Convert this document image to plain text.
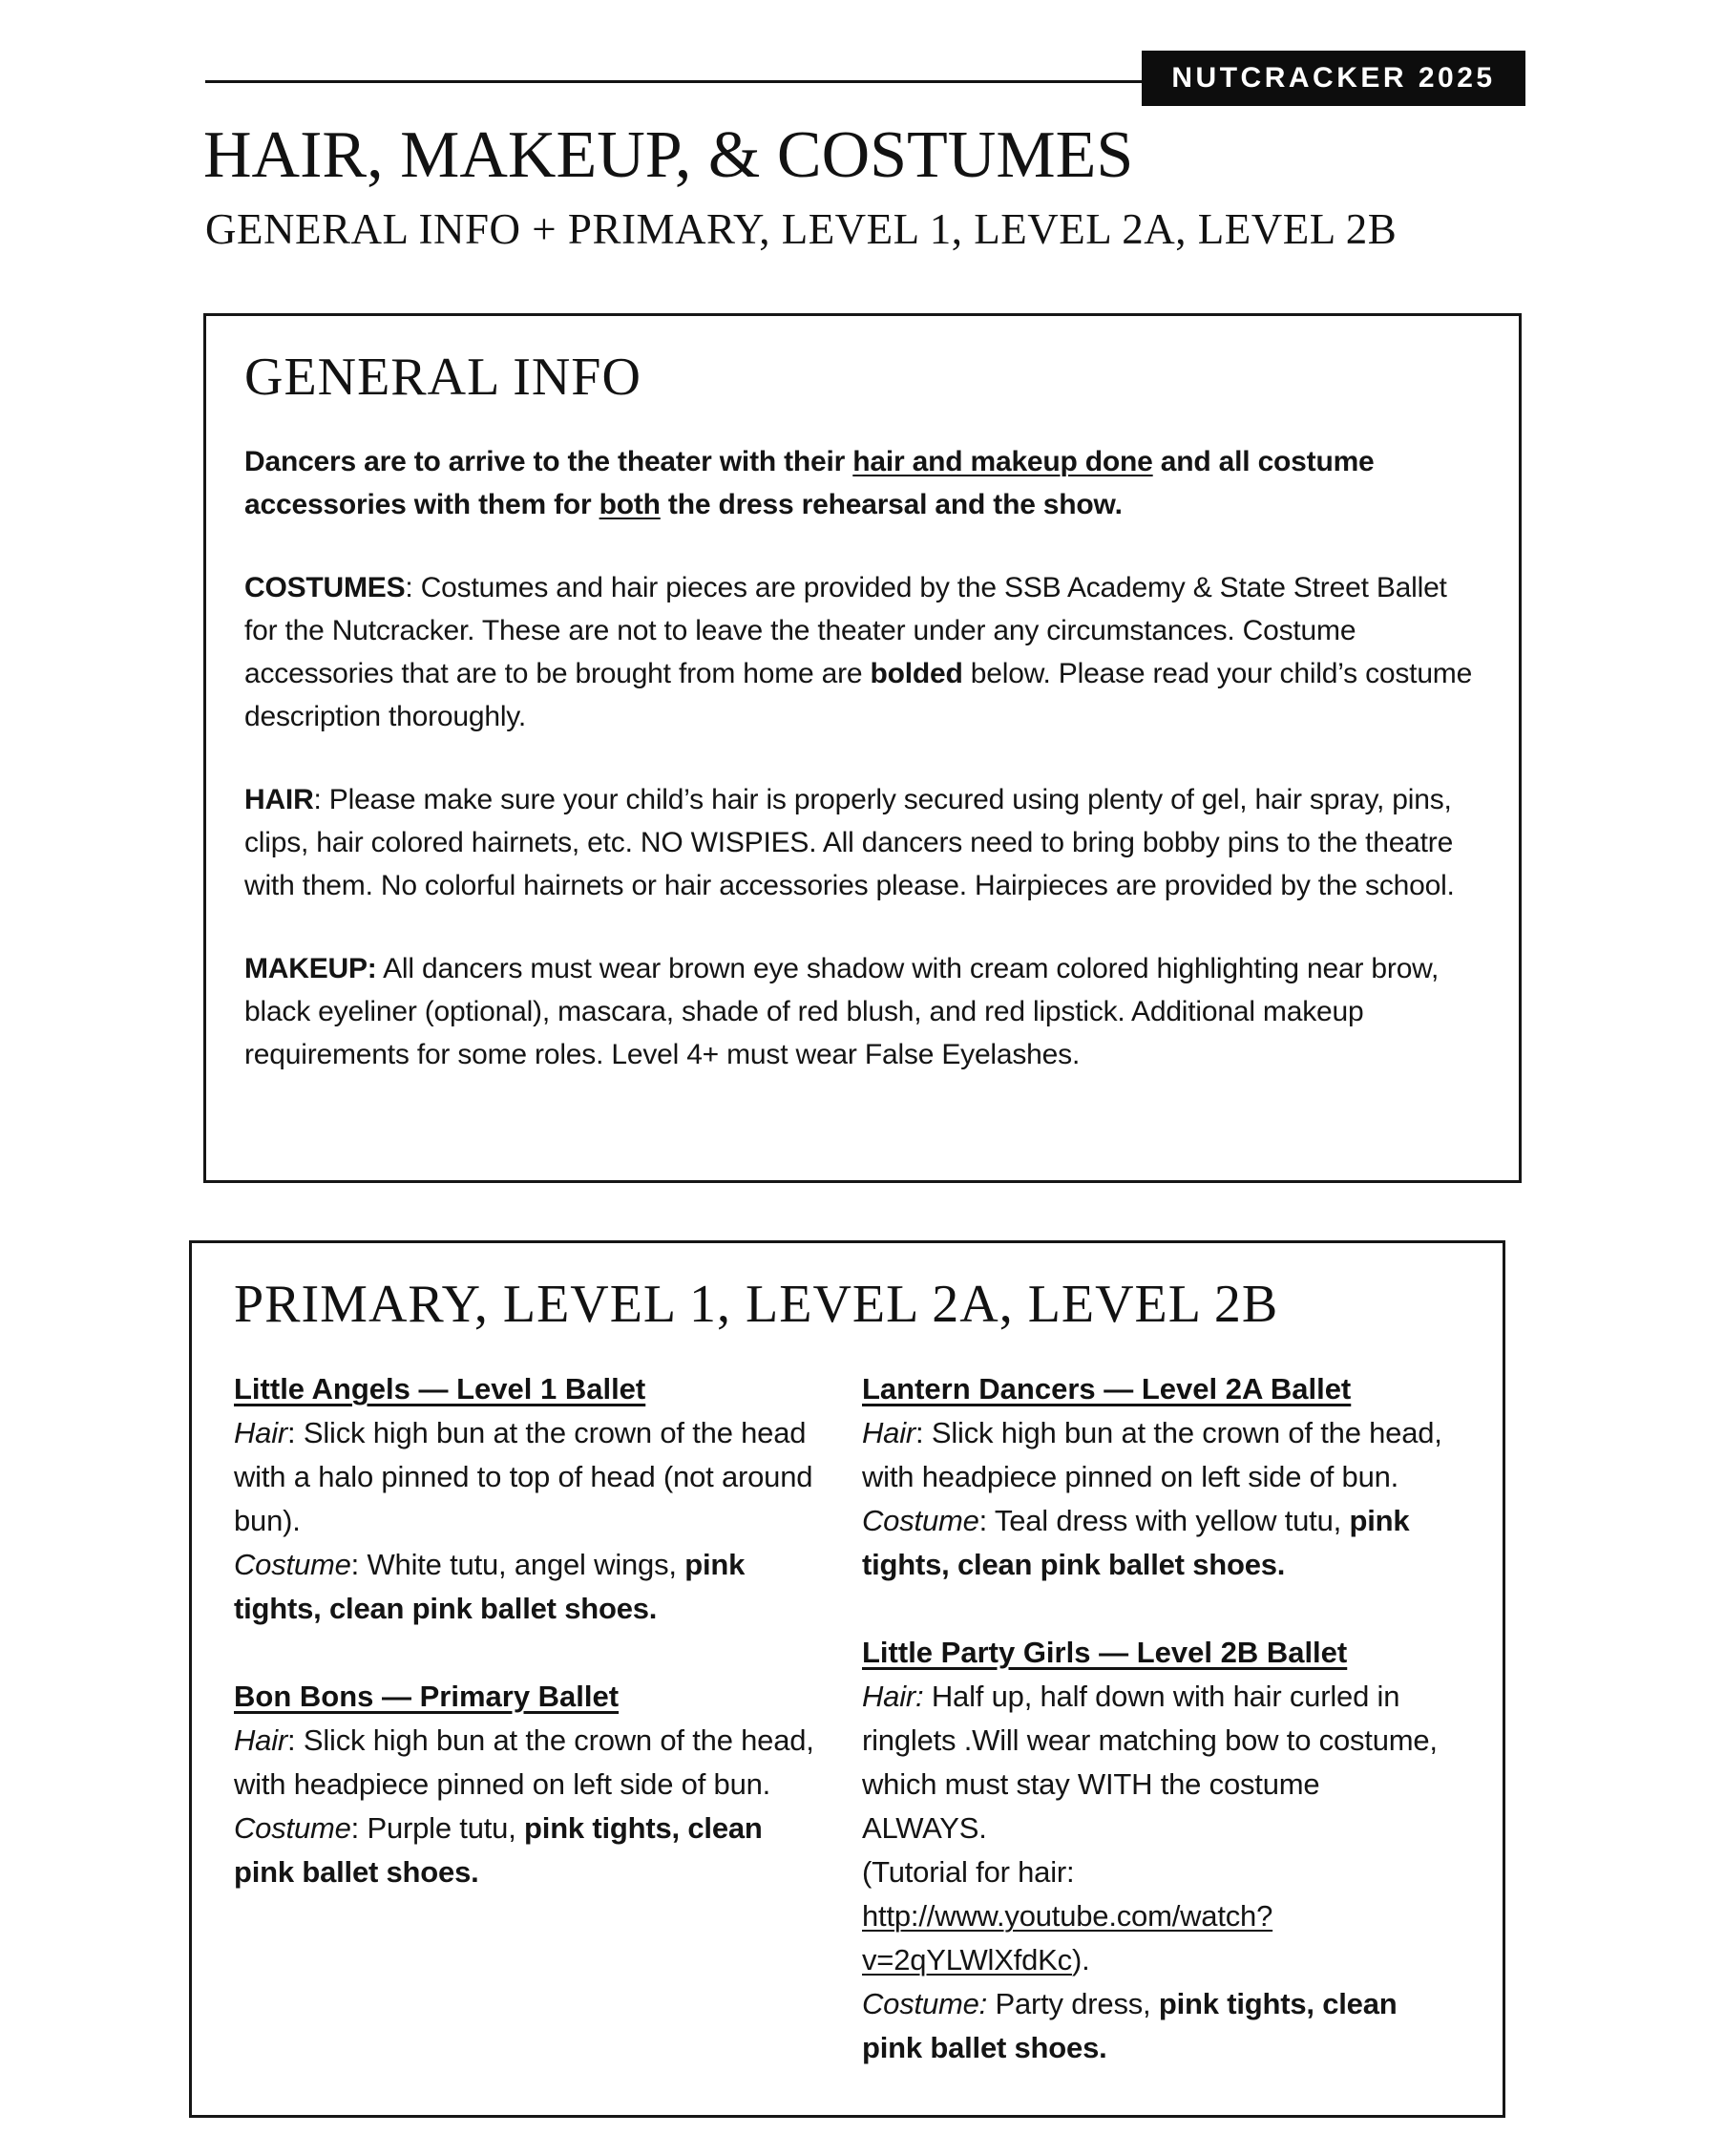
NUTCRACKER 2025
HAIR, MAKEUP, & COSTUMES
GENERAL INFO + PRIMARY, LEVEL 1, LEVEL 2A, LEVEL 2B
GENERAL INFO

Dancers are to arrive to the theater with their hair and makeup done and all costume accessories with them for both the dress rehearsal and the show.

COSTUMES: Costumes and hair pieces are provided by the SSB Academy & State Street Ballet for the Nutcracker. These are not to leave the theater under any circumstances. Costume accessories that are to be brought from home are bolded below. Please read your child’s costume description thoroughly.

HAIR: Please make sure your child’s hair is properly secured using plenty of gel, hair spray, pins, clips, hair colored hairnets, etc. NO WISPIES. All dancers need to bring bobby pins to the theatre with them. No colorful hairnets or hair accessories please. Hairpieces are provided by the school.

MAKEUP: All dancers must wear brown eye shadow with cream colored highlighting near brow, black eyeliner (optional), mascara, shade of red blush, and red lipstick. Additional makeup requirements for some roles. Level 4+ must wear False Eyelashes.

PRIMARY, LEVEL 1, LEVEL 2A, LEVEL 2B

Little Angels — Level 1 Ballet

Hair: Slick high bun at the crown of the head with a halo pinned to top of head (not around bun).
Costume: White tutu, angel wings, pink tights, clean pink ballet shoes.

Bon Bons — Primary Ballet

Hair: Slick high bun at the crown of the head, with headpiece pinned on left side of bun.
Costume: Purple tutu, pink tights, clean pink ballet shoes.

Lantern Dancers — Level 2A Ballet

Hair: Slick high bun at the crown of the head, with headpiece pinned on left side of bun.
Costume: Teal dress with yellow tutu, pink tights, clean pink ballet shoes.

Little Party Girls — Level 2B Ballet

Hair: Half up, half down with hair curled in ringlets .Will wear matching bow to costume, which must stay WITH the costume ALWAYS.
(Tutorial for hair: http://www.youtube.com/watch?v=2qYLWlXfdKc).
Costume: Party dress, pink tights, clean pink ballet shoes.
